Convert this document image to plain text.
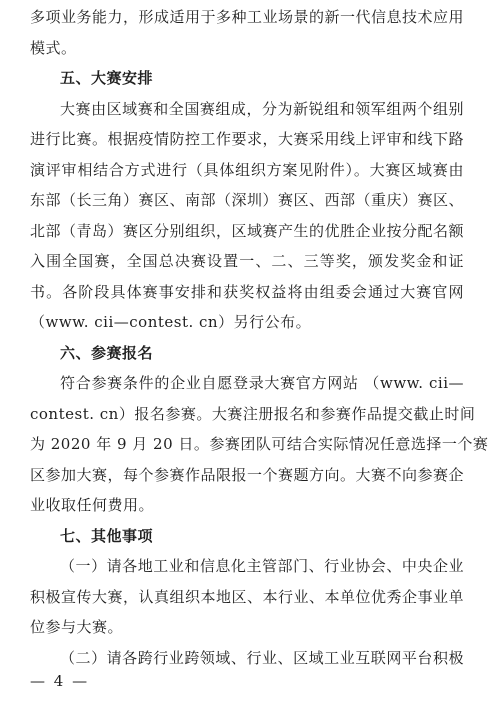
多项业务能力，形成适用于多种工业场景的新一代信息技术应用
模式。
五、大赛安排
大赛由区域赛和全国赛组成，分为新锐组和领军组两个组别
进行比赛。根据疫情防控工作要求，大赛采用线上评审和线下路
演评审相结合方式进行（具体组织方案见附件）。大赛区域赛由
东部（长三角）赛区、南部（深圳）赛区、西部（重庆）赛区、
北部（青岛）赛区分别组织，区域赛产生的优胜企业按分配名额
入围全国赛，全国总决赛设置一、二、三等奖，颁发奖金和证
书。各阶段具体赛事安排和获奖权益将由组委会通过大赛官网
（www. cii—contest. cn）另行公布。
六、参赛报名
符合参赛条件的企业自愿登录大赛官方网站 （www. cii—
contest. cn）报名参赛。大赛注册报名和参赛作品提交截止时间
为 2020 年 9 月 20 日。参赛团队可结合实际情况任意选择一个赛
区参加大赛，每个参赛作品限报一个赛题方向。大赛不向参赛企
业收取任何费用。
七、其他事项
（一）请各地工业和信息化主管部门、行业协会、中央企业
积极宣传大赛，认真组织本地区、本行业、本单位优秀企事业单
位参与大赛。
（二）请各跨行业跨领域、行业、区域工业互联网平台积极
— 4 —
